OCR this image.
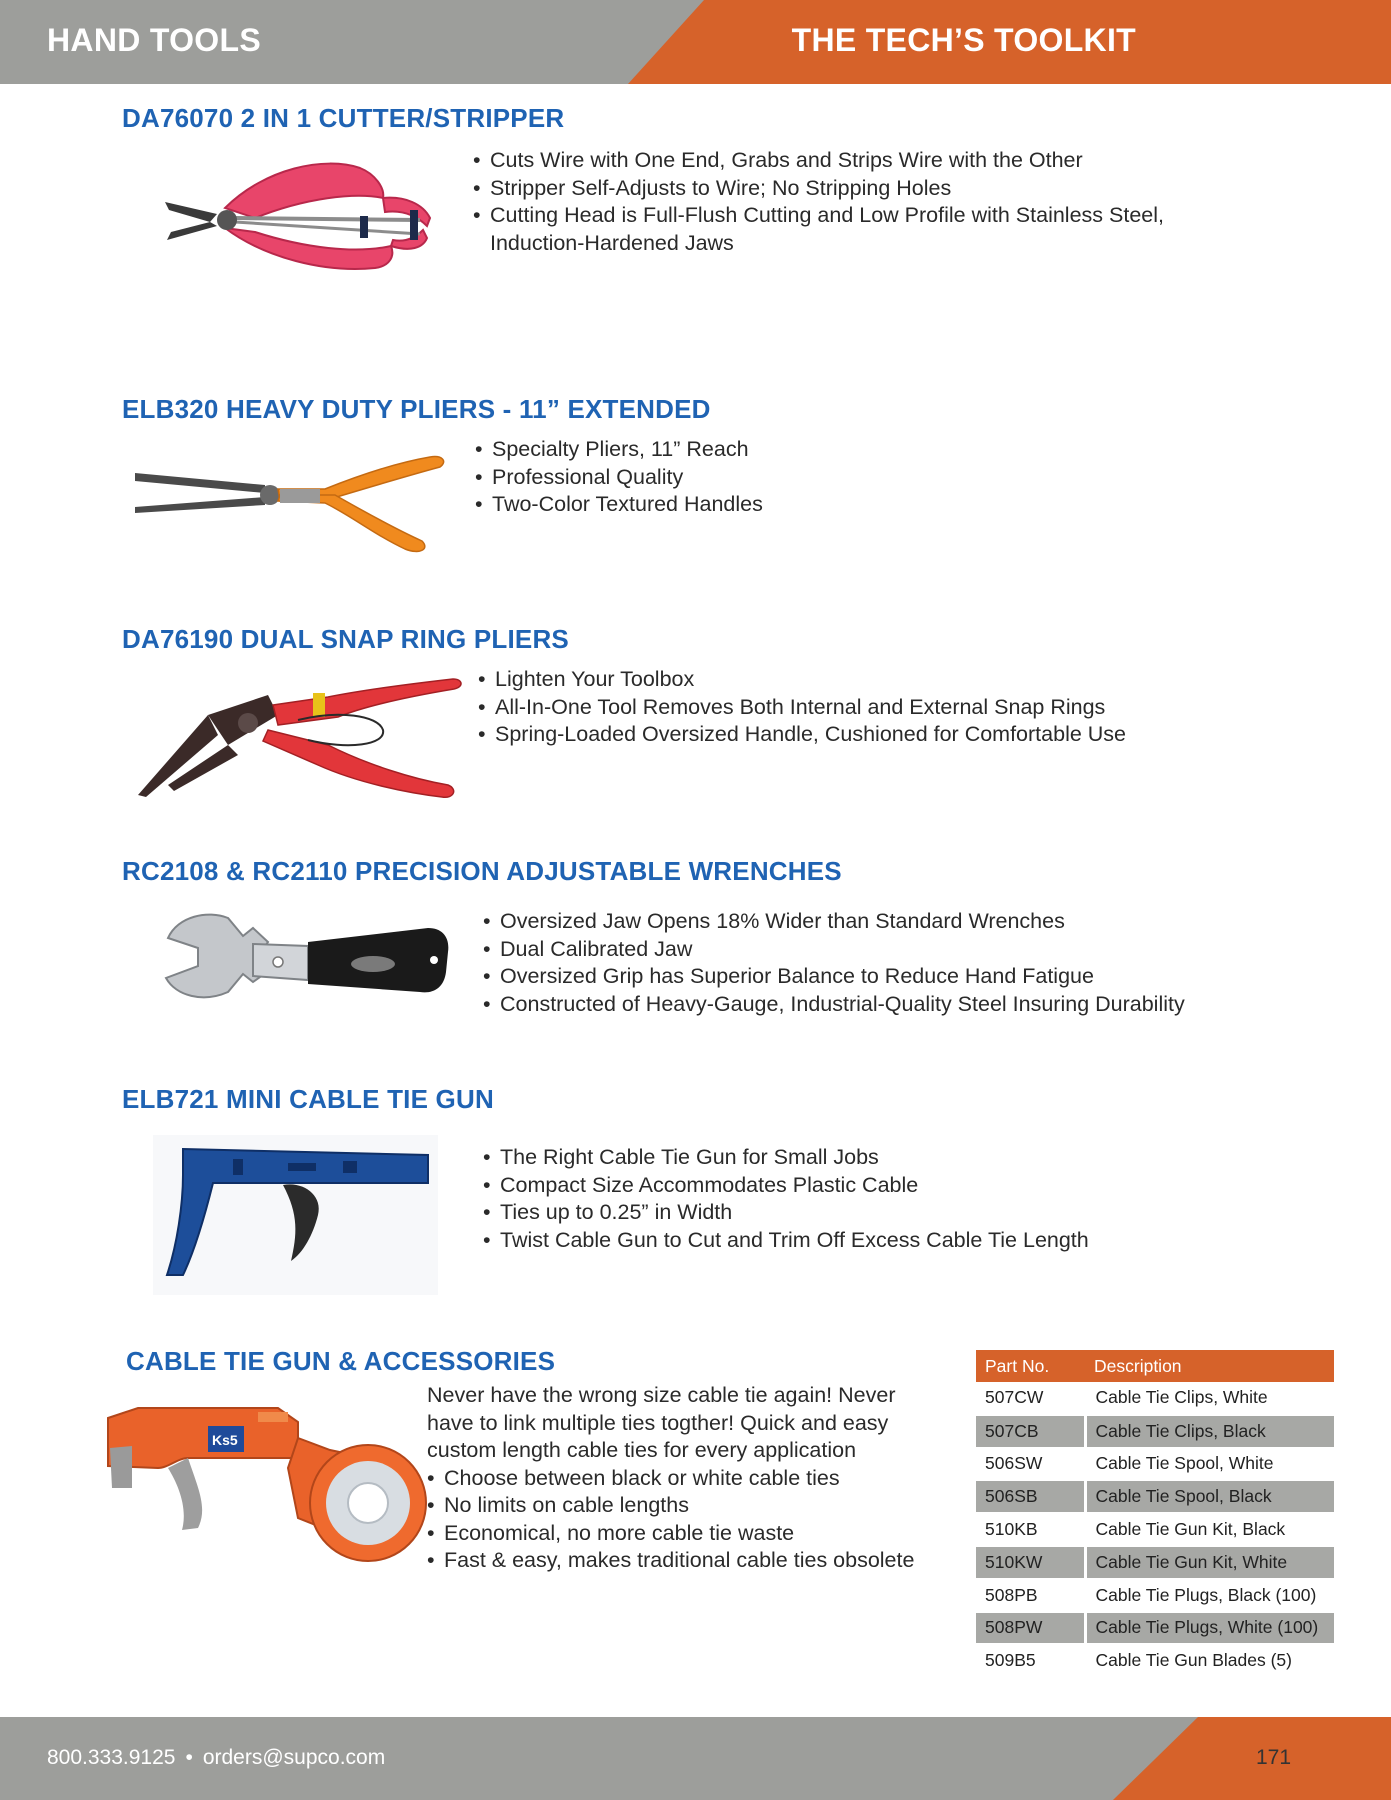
HAND TOOLS	THE TECH’S TOOLKIT
DA76070 2 IN 1 CUTTER/STRIPPER
• Cuts Wire with One End, Grabs and Strips Wire with the Other
• Stripper Self-Adjusts to Wire; No Stripping Holes
• Cutting Head is Full-Flush Cutting and Low Profile with Stainless Steel, Induction-Hardened Jaws
ELB320 HEAVY DUTY PLIERS - 11” EXTENDED
• Specialty Pliers, 11” Reach
• Professional Quality
• Two-Color Textured Handles
DA76190 DUAL SNAP RING PLIERS
• Lighten Your Toolbox
• All-In-One Tool Removes Both Internal and External Snap Rings
• Spring-Loaded Oversized Handle, Cushioned for Comfortable Use
RC2108 & RC2110 PRECISION ADJUSTABLE WRENCHES
• Oversized Jaw Opens 18% Wider than Standard Wrenches
• Dual Calibrated Jaw
• Oversized Grip has Superior Balance to Reduce Hand Fatigue
• Constructed of Heavy-Gauge, Industrial-Quality Steel Insuring Durability
ELB721 MINI CABLE TIE GUN
• The Right Cable Tie Gun for Small Jobs
• Compact Size Accommodates Plastic Cable
• Ties up to 0.25” in Width
• Twist Cable Gun to Cut and Trim Off Excess Cable Tie Length
CABLE TIE GUN & ACCESSORIES
Ks5

Never have the wrong size cable tie again! Never have to link multiple ties togther! Quick and easy custom length cable ties for every application

• Choose between black or white cable ties
• No limits on cable lengths
• Economical, no more cable tie waste
• Fast & easy, makes traditional cable ties obsolete
Part No.	Description
507CW	Cable Tie Clips, White
507CB	Cable Tie Clips, Black
506SW	Cable Tie Spool, White
506SB	Cable Tie Spool, Black
510KB	Cable Tie Gun Kit, Black
510KW	Cable Tie Gun Kit, White
508PB	Cable Tie Plugs, Black (100)
508PW	Cable Tie Plugs, White (100)
509B5	Cable Tie Gun Blades (5)
800.333.9125 • orders@supco.com	171
